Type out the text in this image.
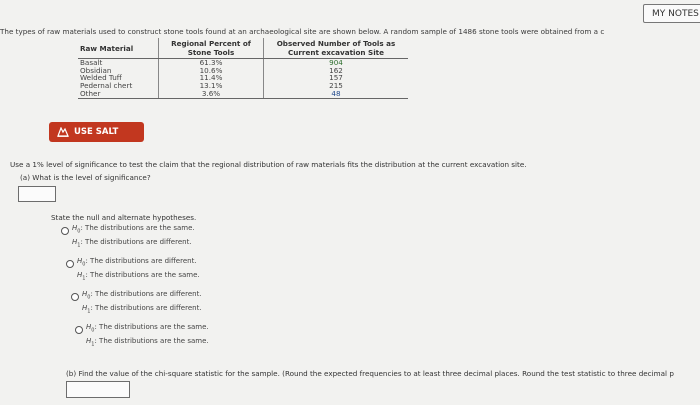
MY NOTES
The types of raw materials used to construct stone tools found at an archaeological site are shown below. A random sample of 1486 stone tools were obtained from a c
Raw Material	Regional Percent of Stone Tools	Observed Number of Tools as Current excavation Site
Basalt	61.3%	904
Obsidian	10.6%	162
Welded Tuff	11.4%	157
Pedernal chert	13.1%	215
Other	3.6%	48
USE SALT
Use a 1% level of significance to test the claim that the regional distribution of raw materials fits the distribution at the current excavation site.
(a) What is the level of significance?
State the null and alternate hypotheses.
$H_0$: The distributions are the same.
$H_1$: The distributions are different.
$H_0$: The distributions are different.
$H_1$: The distributions are the same.
$H_0$: The distributions are different.
$H_1$: The distributions are different.
$H_0$: The distributions are the same.
$H_1$: The distributions are the same.
(b) Find the value of the chi-square statistic for the sample. (Round the expected frequencies to at least three decimal places. Round the test statistic to three decimal p
